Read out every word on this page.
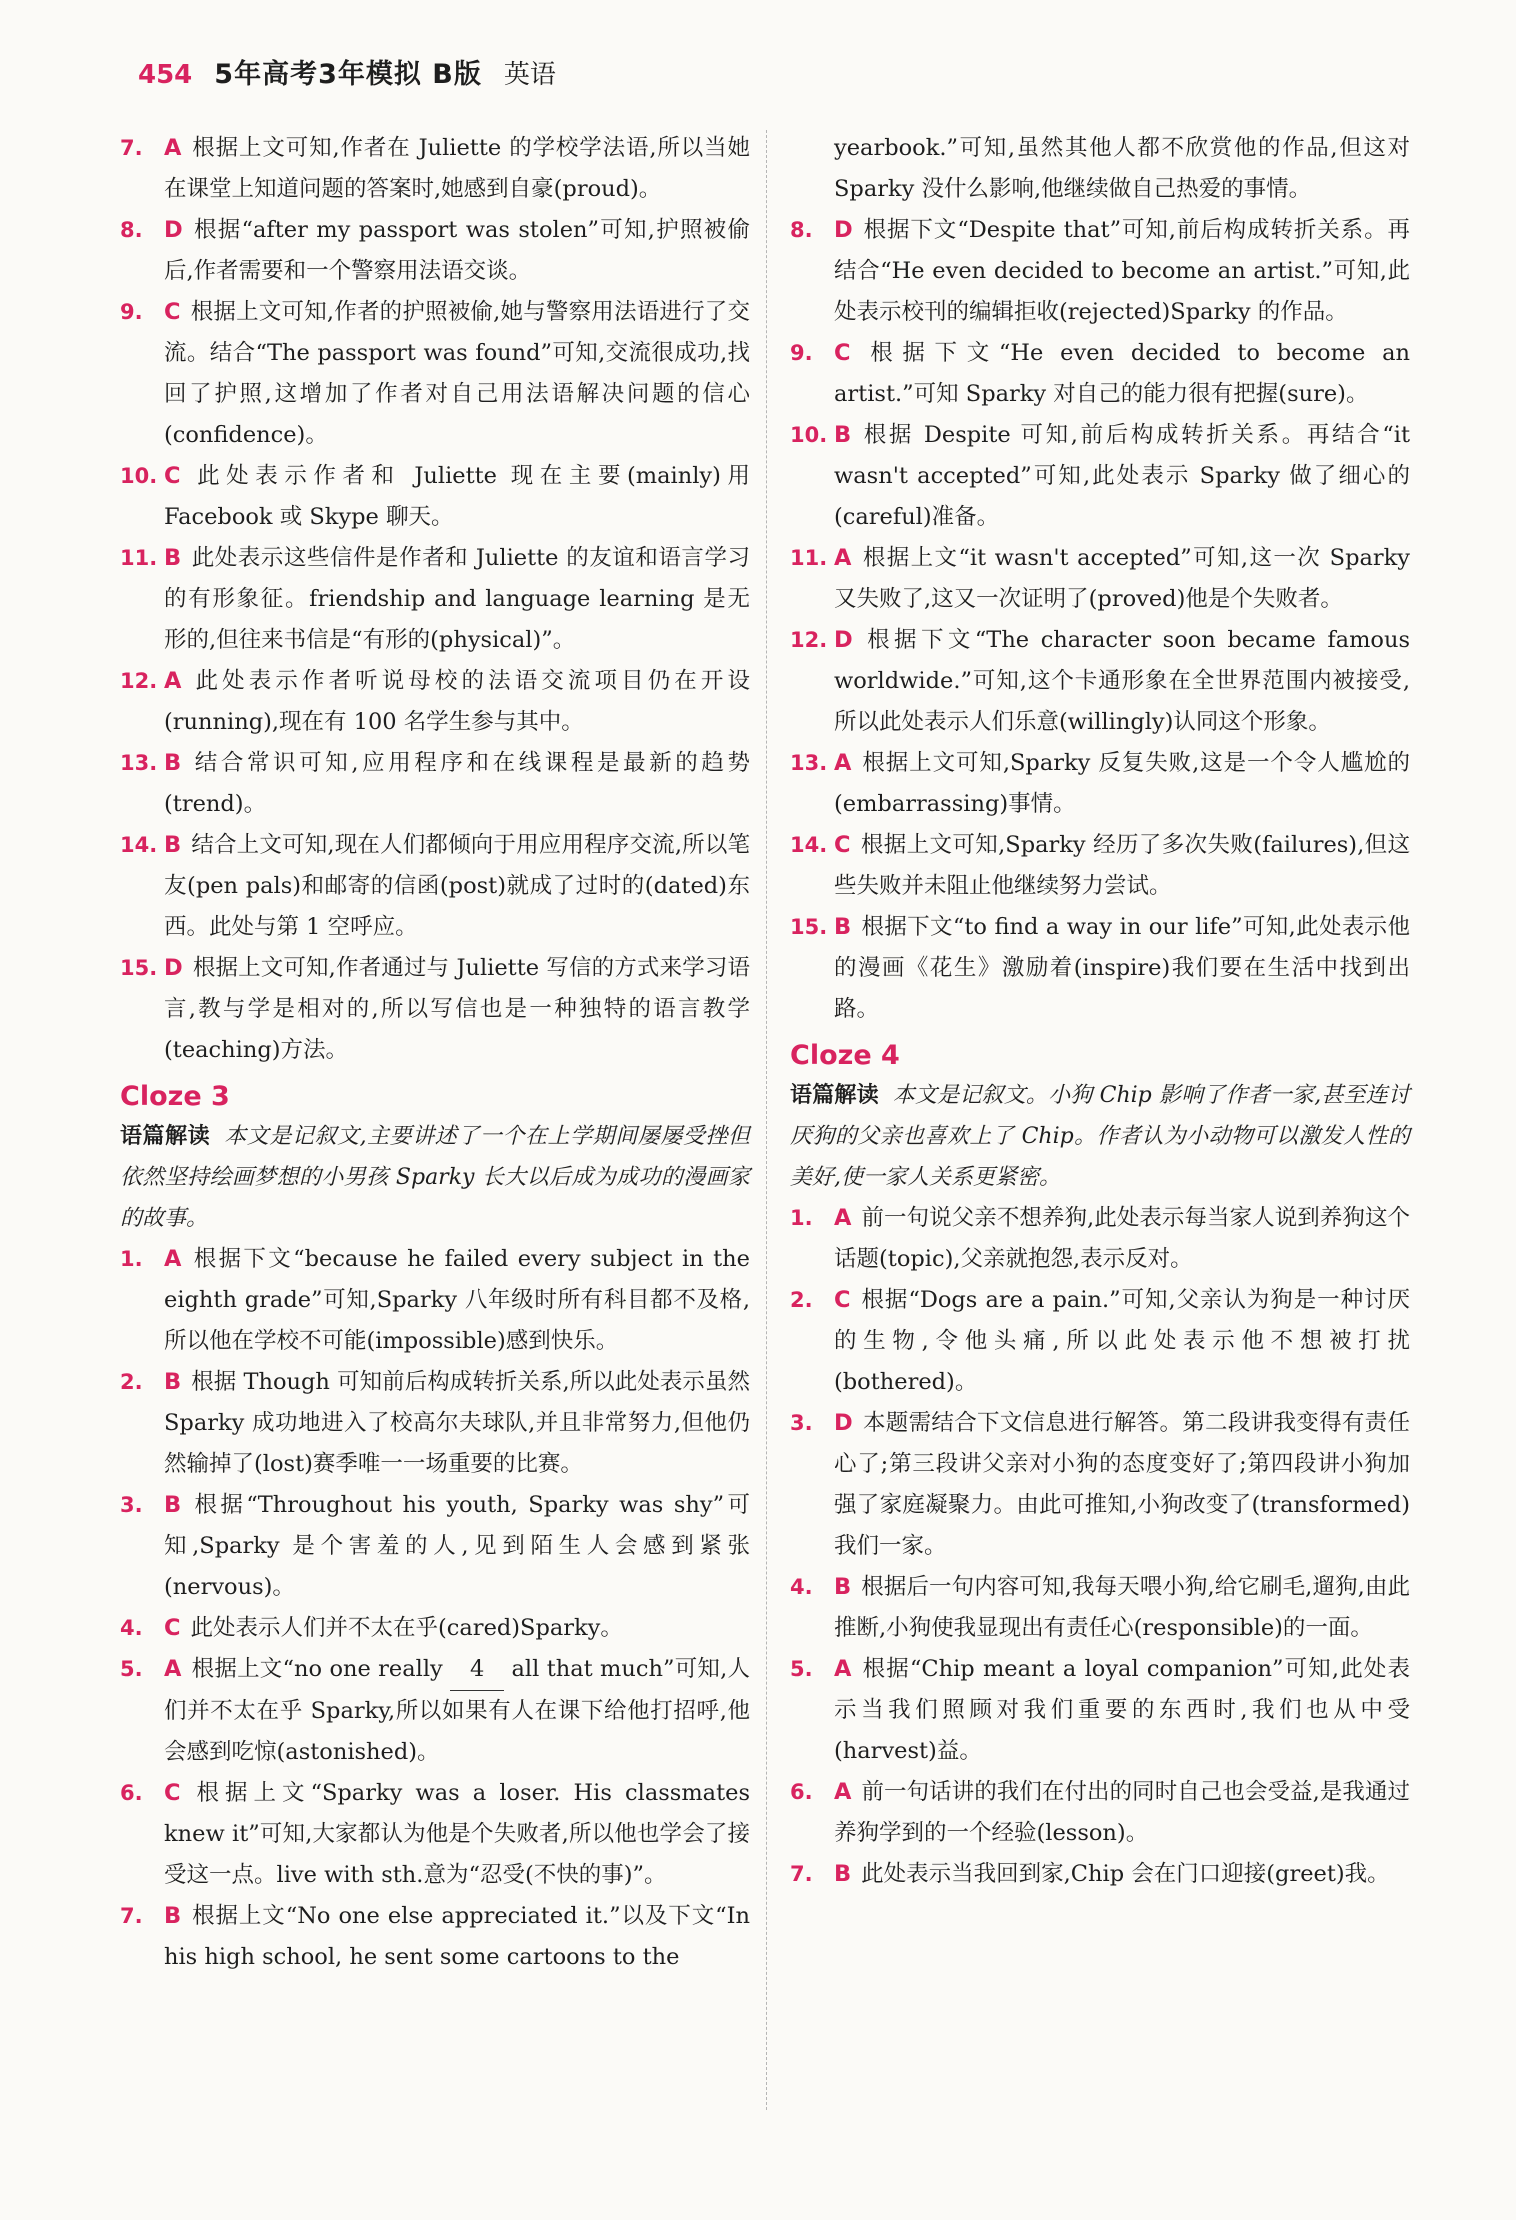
454 5年高考3年模拟 B版 英语
7. A 根据上文可知,作者在 Juliette 的学校学法语,所以当她在课堂上知道问题的答案时,她感到自豪(proud)。
8. D 根据“after my passport was stolen”可知,护照被偷后,作者需要和一个警察用法语交谈。
9. C 根据上文可知,作者的护照被偷,她与警察用法语进行了交流。结合“The passport was found”可知,交流很成功,找回了护照,这增加了作者对自己用法语解决问题的信心(confidence)。
10. C 此处表示作者和 Juliette 现在主要(mainly)用 Facebook 或 Skype 聊天。
11. B 此处表示这些信件是作者和 Juliette 的友谊和语言学习的有形象征。friendship and language learning 是无形的,但往来书信是“有形的(physical)”。
12. A 此处表示作者听说母校的法语交流项目仍在开设(running),现在有 100 名学生参与其中。
13. B 结合常识可知,应用程序和在线课程是最新的趋势(trend)。
14. B 结合上文可知,现在人们都倾向于用应用程序交流,所以笔友(pen pals)和邮寄的信函(post)就成了过时的(dated)东西。此处与第 1 空呼应。
15. D 根据上文可知,作者通过与 Juliette 写信的方式来学习语言,教与学是相对的,所以写信也是一种独特的语言教学(teaching)方法。
Cloze 3
语篇解读 本文是记叙文,主要讲述了一个在上学期间屡屡受挫但依然坚持绘画梦想的小男孩 Sparky 长大以后成为成功的漫画家的故事。
1. A 根据下文“because he failed every subject in the eighth grade”可知,Sparky 八年级时所有科目都不及格,所以他在学校不可能(impossible)感到快乐。
2. B 根据 Though 可知前后构成转折关系,所以此处表示虽然 Sparky 成功地进入了校高尔夫球队,并且非常努力,但他仍然输掉了(lost)赛季唯一一场重要的比赛。
3. B 根据“Throughout his youth, Sparky was shy”可知,Sparky 是个害羞的人,见到陌生人会感到紧张(nervous)。
4. C 此处表示人们并不太在乎(cared)Sparky。
5. A 根据上文“no one really 4 all that much”可知,人们并不太在乎 Sparky,所以如果有人在课下给他打招呼,他会感到吃惊(astonished)。
6. C 根据上文“Sparky was a loser. His classmates knew it”可知,大家都认为他是个失败者,所以他也学会了接受这一点。live with sth.意为“忍受(不快的事)”。
7. B 根据上文“No one else appreciated it.”以及下文“In his high school, he sent some cartoons to the
yearbook.”可知,虽然其他人都不欣赏他的作品,但这对 Sparky 没什么影响,他继续做自己热爱的事情。
8. D 根据下文“Despite that”可知,前后构成转折关系。再结合“He even decided to become an artist.”可知,此处表示校刊的编辑拒收(rejected)Sparky 的作品。
9. C 根据下文“He even decided to become an artist.”可知 Sparky 对自己的能力很有把握(sure)。
10. B 根据 Despite 可知,前后构成转折关系。再结合“it wasn't accepted”可知,此处表示 Sparky 做了细心的(careful)准备。
11. A 根据上文“it wasn't accepted”可知,这一次 Sparky 又失败了,这又一次证明了(proved)他是个失败者。
12. D 根据下文“The character soon became famous worldwide.”可知,这个卡通形象在全世界范围内被接受,所以此处表示人们乐意(willingly)认同这个形象。
13. A 根据上文可知,Sparky 反复失败,这是一个令人尴尬的(embarrassing)事情。
14. C 根据上文可知,Sparky 经历了多次失败(failures),但这些失败并未阻止他继续努力尝试。
15. B 根据下文“to find a way in our life”可知,此处表示他的漫画《花生》激励着(inspire)我们要在生活中找到出路。
Cloze 4
语篇解读 本文是记叙文。小狗 Chip 影响了作者一家,甚至连讨厌狗的父亲也喜欢上了 Chip。作者认为小动物可以激发人性的美好,使一家人关系更紧密。
1. A 前一句说父亲不想养狗,此处表示每当家人说到养狗这个话题(topic),父亲就抱怨,表示反对。
2. C 根据“Dogs are a pain.”可知,父亲认为狗是一种讨厌的生物,令他头痛,所以此处表示他不想被打扰(bothered)。
3. D 本题需结合下文信息进行解答。第二段讲我变得有责任心了;第三段讲父亲对小狗的态度变好了;第四段讲小狗加强了家庭凝聚力。由此可推知,小狗改变了(transformed)我们一家。
4. B 根据后一句内容可知,我每天喂小狗,给它刷毛,遛狗,由此推断,小狗使我显现出有责任心(responsible)的一面。
5. A 根据“Chip meant a loyal companion”可知,此处表示当我们照顾对我们重要的东西时,我们也从中受(harvest)益。
6. A 前一句话讲的我们在付出的同时自己也会受益,是我通过养狗学到的一个经验(lesson)。
7. B 此处表示当我回到家,Chip 会在门口迎接(greet)我。
